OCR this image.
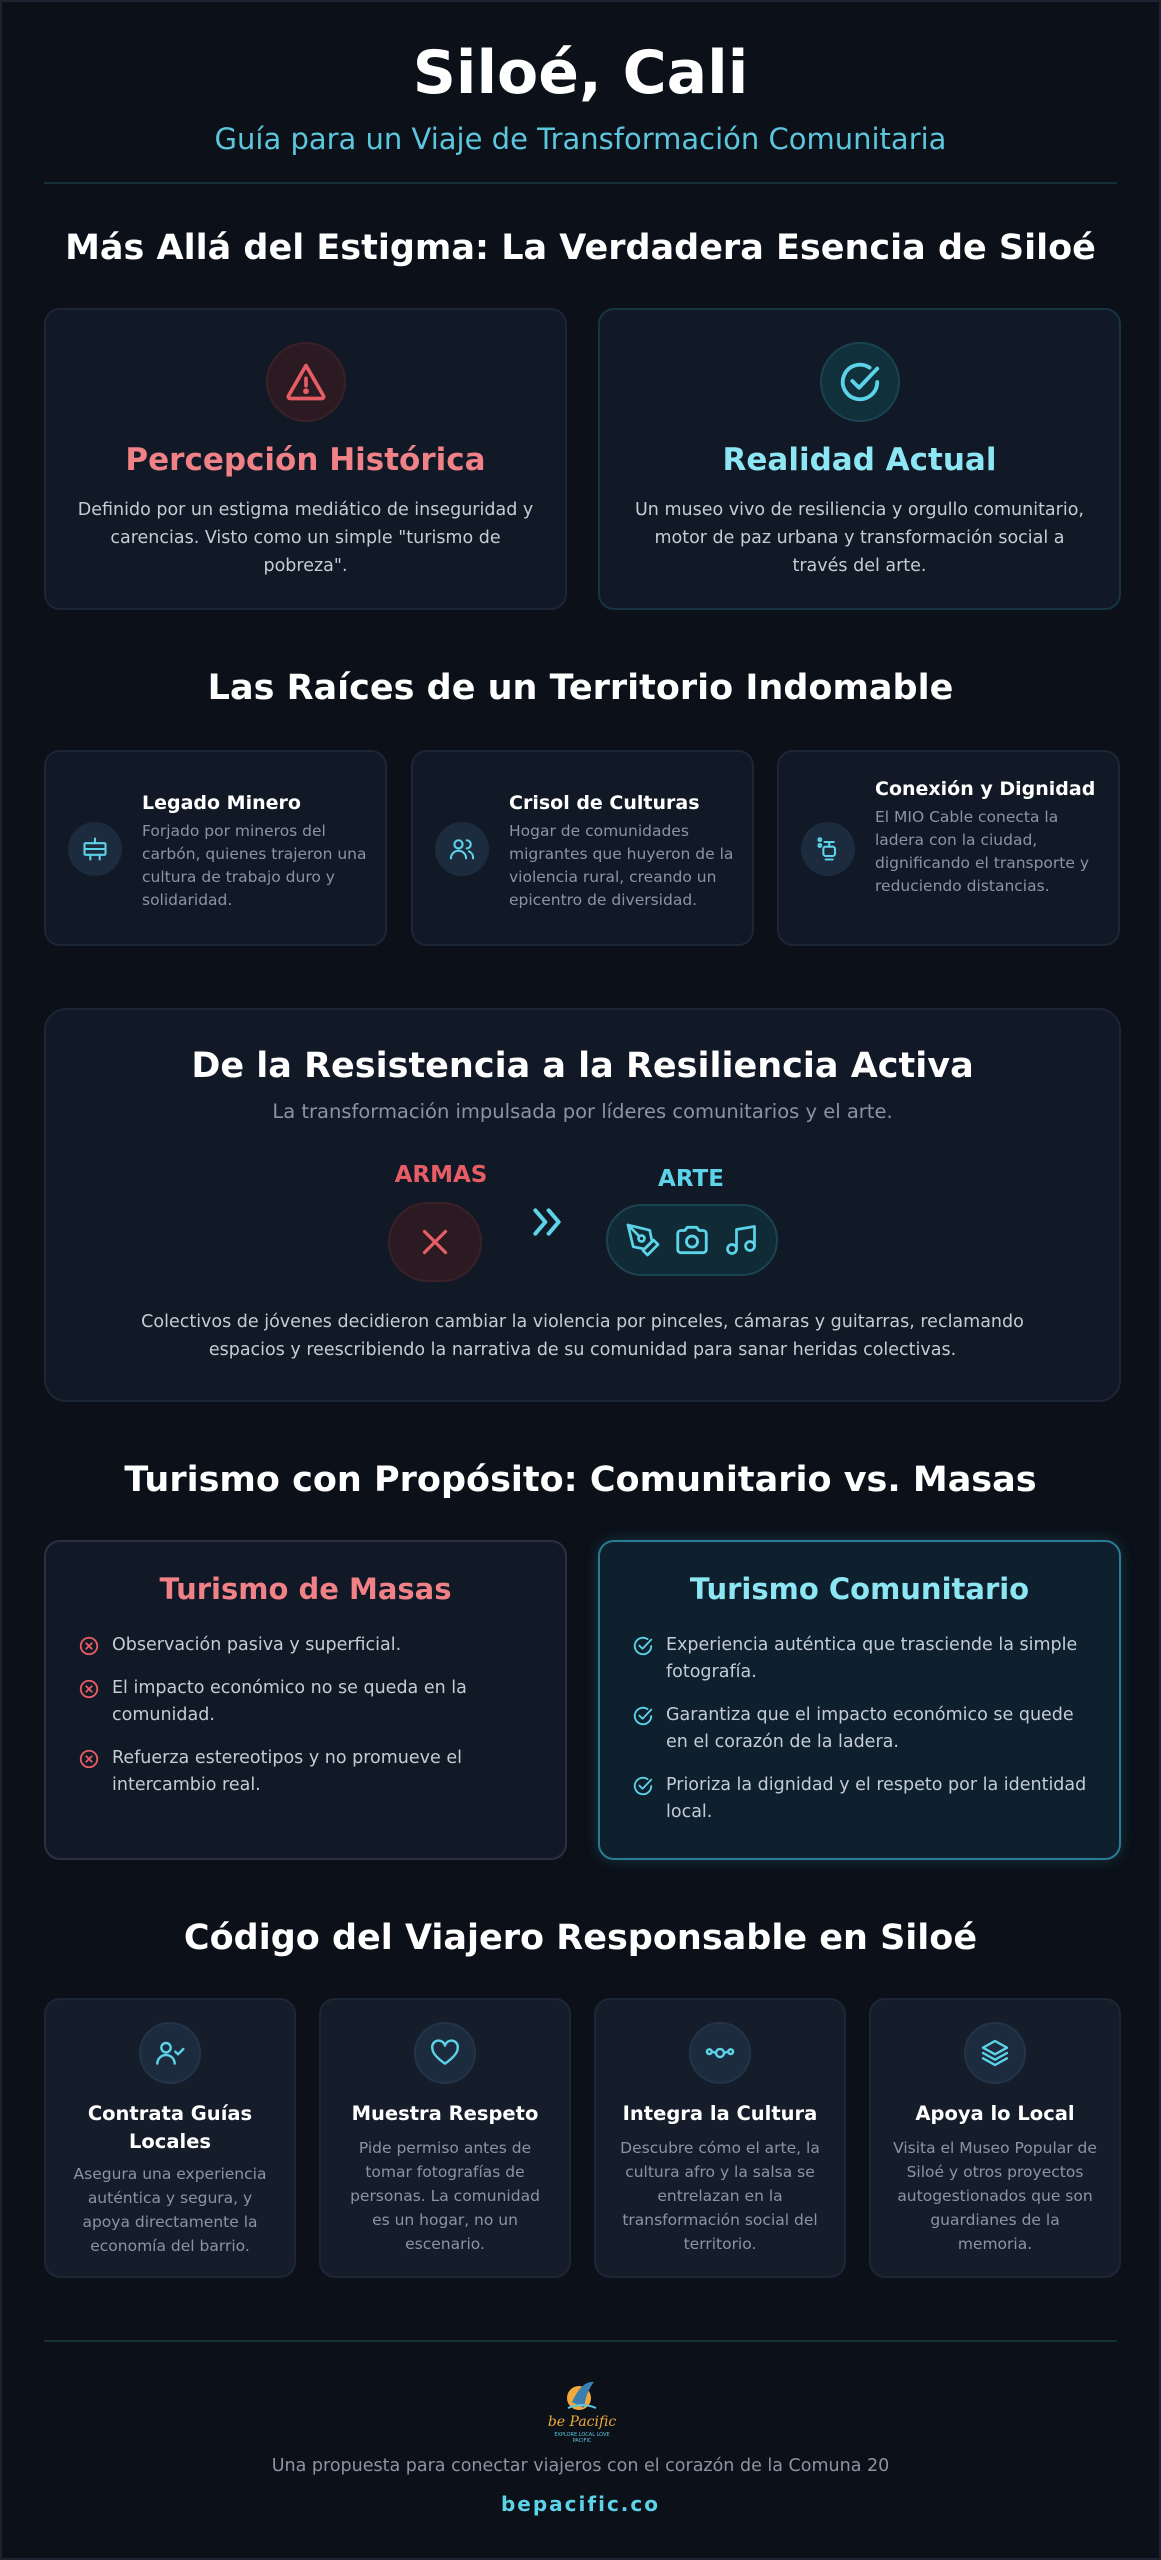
Siloé, Cali
Guía para un Viaje de Transformación Comunitaria
Más Allá del Estigma: La Verdadera Esencia de Siloé
Percepción Histórica

Definido por un estigma mediático de inseguridad y carencias. Visto como un simple "turismo de pobreza".

Realidad Actual

Un museo vivo de resiliencia y orgullo comunitario, motor de paz urbana y transformación social a través del arte.

Las Raíces de un Territorio Indomable
Legado Minero
Forjado por mineros del carbón, quienes trajeron una cultura de trabajo duro y solidaridad.
Crisol de Culturas
Hogar de comunidades migrantes que huyeron de la violencia rural, creando un epicentro de diversidad.
Conexión y Dignidad
El MIO Cable conecta la ladera con la ciudad, dignificando el transporte y reduciendo distancias.
De la Resistencia a la Resiliencia Activa
La transformación impulsada por líderes comunitarios y el arte.
ARMAS	ARTE
Colectivos de jóvenes decidieron cambiar la violencia por pinceles, cámaras y guitarras, reclamando espacios y reescribiendo la narrativa de su comunidad para sanar heridas colectivas.
Turismo con Propósito: Comunitario vs. Masas
Turismo de Masas
Observación pasiva y superficial.
El impacto económico no se queda en la comunidad.
Refuerza estereotipos y no promueve el intercambio real.
Turismo Comunitario
Experiencia auténtica que trasciende la simple fotografía.
Garantiza que el impacto económico se quede en el corazón de la ladera.
Prioriza la dignidad y el respeto por la identidad local.
Código del Viajero Responsable en Siloé
Contrata Guías Locales
Asegura una experiencia auténtica y segura, y apoya directamente la economía del barrio.
Muestra Respeto
Pide permiso antes de tomar fotografías de personas. La comunidad es un hogar, no un escenario.
Integra la Cultura
Descubre cómo el arte, la cultura afro y la salsa se entrelazan en la transformación social del territorio.
Apoya lo Local
Visita el Museo Popular de Siloé y otros proyectos autogestionados que son guardianes de la memoria.
be Pacific
EXPLORE LOCAL LOVE PACIFIC
Una propuesta para conectar viajeros con el corazón de la Comuna 20
bepacific.co
